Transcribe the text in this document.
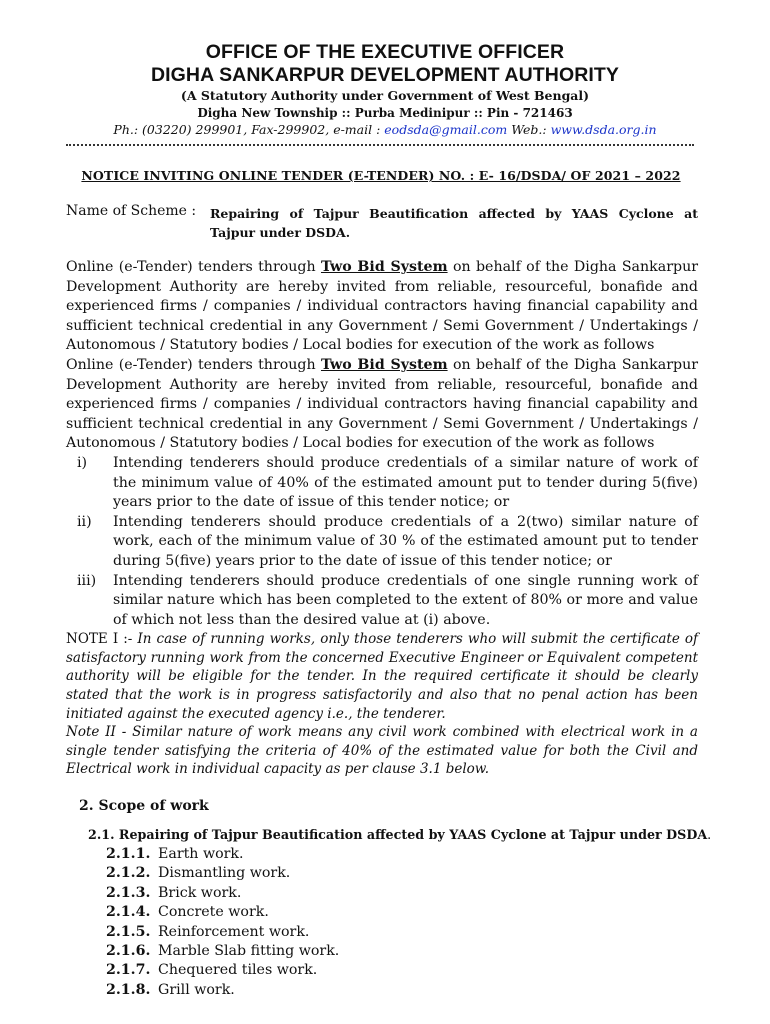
OFFICE OF THE EXECUTIVE OFFICER
DIGHA SANKARPUR DEVELOPMENT AUTHORITY
(A Statutory Authority under Government of West Bengal)
Digha New Township :: Purba Medinipur :: Pin - 721463
Ph.: (03220) 299901, Fax-299902, e-mail : eodsda@gmail.com Web.: www.dsda.org.in
NOTICE INVITING ONLINE TENDER (E-TENDER) NO. : E- 16/DSDA/ OF 2021 – 2022
Name of Scheme : Repairing of Tajpur Beautification affected by YAAS Cyclone at Tajpur under DSDA.

Online (e-Tender) tenders through Two Bid System on behalf of the Digha Sankarpur Development Authority are hereby invited from reliable, resourceful, bonafide and experienced firms / companies / individual contractors having financial capability and sufficient technical credential in any Government / Semi Government / Undertakings / Autonomous / Statutory bodies / Local bodies for execution of the work as follows

Online (e-Tender) tenders through Two Bid System on behalf of the Digha Sankarpur Development Authority are hereby invited from reliable, resourceful, bonafide and experienced firms / companies / individual contractors having financial capability and sufficient technical credential in any Government / Semi Government / Undertakings / Autonomous / Statutory bodies / Local bodies for execution of the work as follows

i)	Intending tenderers should produce credentials of a similar nature of work of the minimum value of 40% of the estimated amount put to tender during 5(five) years prior to the date of issue of this tender notice; or
ii)	Intending tenderers should produce credentials of a 2(two) similar nature of work, each of the minimum value of 30 % of the estimated amount put to tender during 5(five) years prior to the date of issue of this tender notice; or
iii)	Intending tenderers should produce credentials of one single running work of similar nature which has been completed to the extent of 80% or more and value of which not less than the desired value at (i) above.

NOTE I :- In case of running works, only those tenderers who will submit the certificate of satisfactory running work from the concerned Executive Engineer or Equivalent competent authority will be eligible for the tender. In the required certificate it should be clearly stated that the work is in progress satisfactorily and also that no penal action has been initiated against the executed agency i.e., the tenderer.

Note II - Similar nature of work means any civil work combined with electrical work in a single tender satisfying the criteria of 40% of the estimated value for both the Civil and Electrical work in individual capacity as per clause 3.1 below.

2. Scope of work
2.1. Repairing of Tajpur Beautification affected by YAAS Cyclone at Tajpur under DSDA.
2.1.1. Earth work.
2.1.2. Dismantling work.
2.1.3. Brick work.
2.1.4. Concrete work.
2.1.5. Reinforcement work.
2.1.6. Marble Slab fitting work.
2.1.7. Chequered tiles work.
2.1.8. Grill work.
